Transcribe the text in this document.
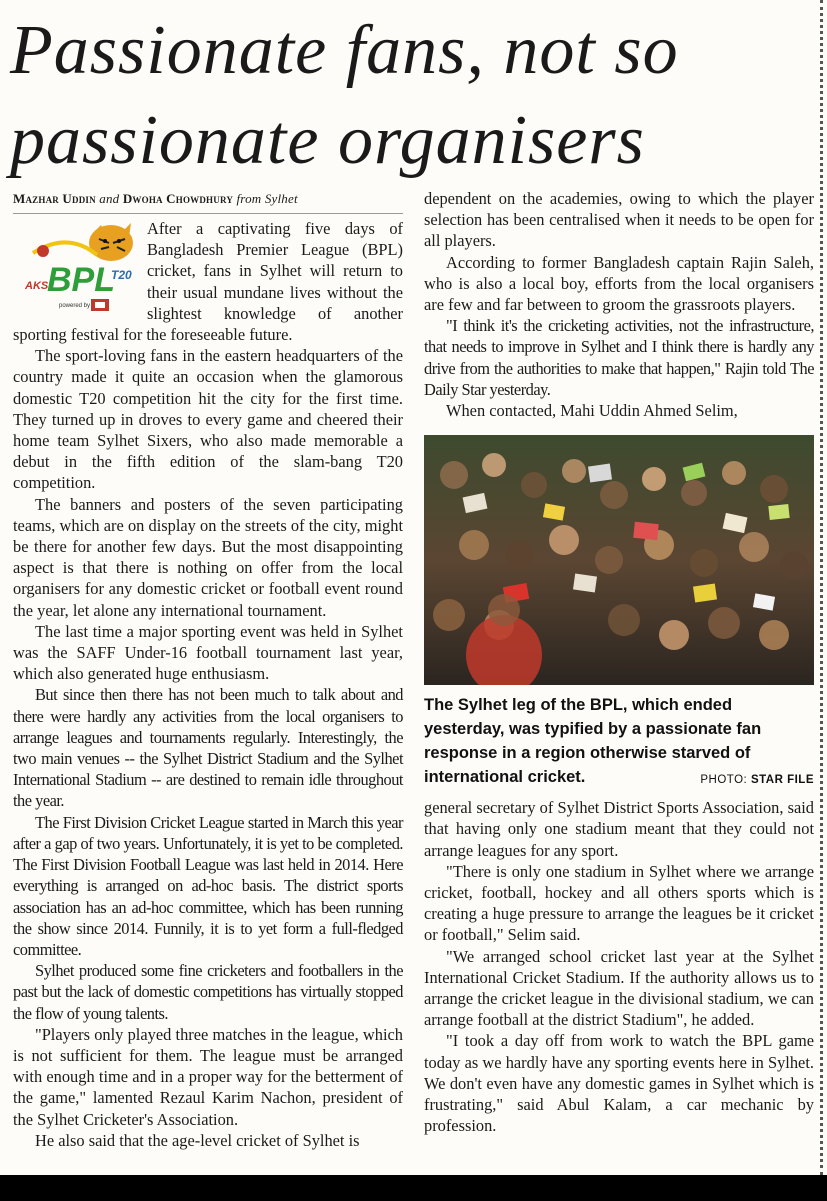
Passionate fans, not so passionate organisers
Mazhar Uddin and Dwoha Chowdhury from Sylhet
AKS
BPL
T20
powered by

After a captivating five days of Bangladesh Premier League (BPL) cricket, fans in Sylhet will return to their usual mundane lives without the slightest knowledge of another sporting festival for the foreseeable future.

The sport-loving fans in the eastern headquarters of the country made it quite an occasion when the glamorous domestic T20 competition hit the city for the first time. They turned up in droves to every game and cheered their home team Sylhet Sixers, who also made memorable a debut in the fifth edition of the slam-bang T20 competition.

The banners and posters of the seven participating teams, which are on display on the streets of the city, might be there for another few days. But the most disappointing aspect is that there is nothing on offer from the local organisers for any domestic cricket or football event round the year, let alone any international tournament.

The last time a major sporting event was held in Sylhet was the SAFF Under-16 football tournament last year, which also generated huge enthusiasm.

But since then there has not been much to talk about and there were hardly any activities from the local organisers to arrange leagues and tournaments regularly. Interestingly, the two main venues -- the Sylhet District Stadium and the Sylhet International Stadium -- are destined to remain idle throughout the year.

The First Division Cricket League started in March this year after a gap of two years. Unfortunately, it is yet to be completed. The First Division Football League was last held in 2014. Here everything is arranged on ad-hoc basis. The district sports association has an ad-hoc committee, which has been running the show since 2014. Funnily, it is to yet form a full-fledged committee.

Sylhet produced some fine cricketers and footballers in the past but the lack of domestic competitions has virtually stopped the flow of young talents.

"Players only played three matches in the league, which is not sufficient for them. The league must be arranged with enough time and in a proper way for the betterment of the game," lamented Rezaul Karim Nachon, president of the Sylhet Cricketer's Association.

He also said that the age-level cricket of Sylhet is

dependent on the academies, owing to which the player selection has been centralised when it needs to be open for all players.

According to former Bangladesh captain Rajin Saleh, who is also a local boy, efforts from the local organisers are few and far between to groom the grassroots players.

"I think it's the cricketing activities, not the infrastructure, that needs to improve in Sylhet and I think there is hardly any drive from the authorities to make that happen," Rajin told The Daily Star yesterday.

When contacted, Mahi Uddin Ahmed Selim,

The Sylhet leg of the BPL, which ended yesterday, was typified by a passionate fan response in a region otherwise starved of international cricket.	PHOTO: STAR FILE

general secretary of Sylhet District Sports Association, said that having only one stadium meant that they could not arrange leagues for any sport.

"There is only one stadium in Sylhet where we arrange cricket, football, hockey and all others sports which is creating a huge pressure to arrange the leagues be it cricket or football," Selim said.

"We arranged school cricket last year at the Sylhet International Cricket Stadium. If the authority allows us to arrange the cricket league in the divisional stadium, we can arrange football at the district Stadium", he added.

"I took a day off from work to watch the BPL game today as we hardly have any sporting events here in Sylhet. We don't even have any domestic games in Sylhet which is frustrating," said Abul Kalam, a car mechanic by profession.
